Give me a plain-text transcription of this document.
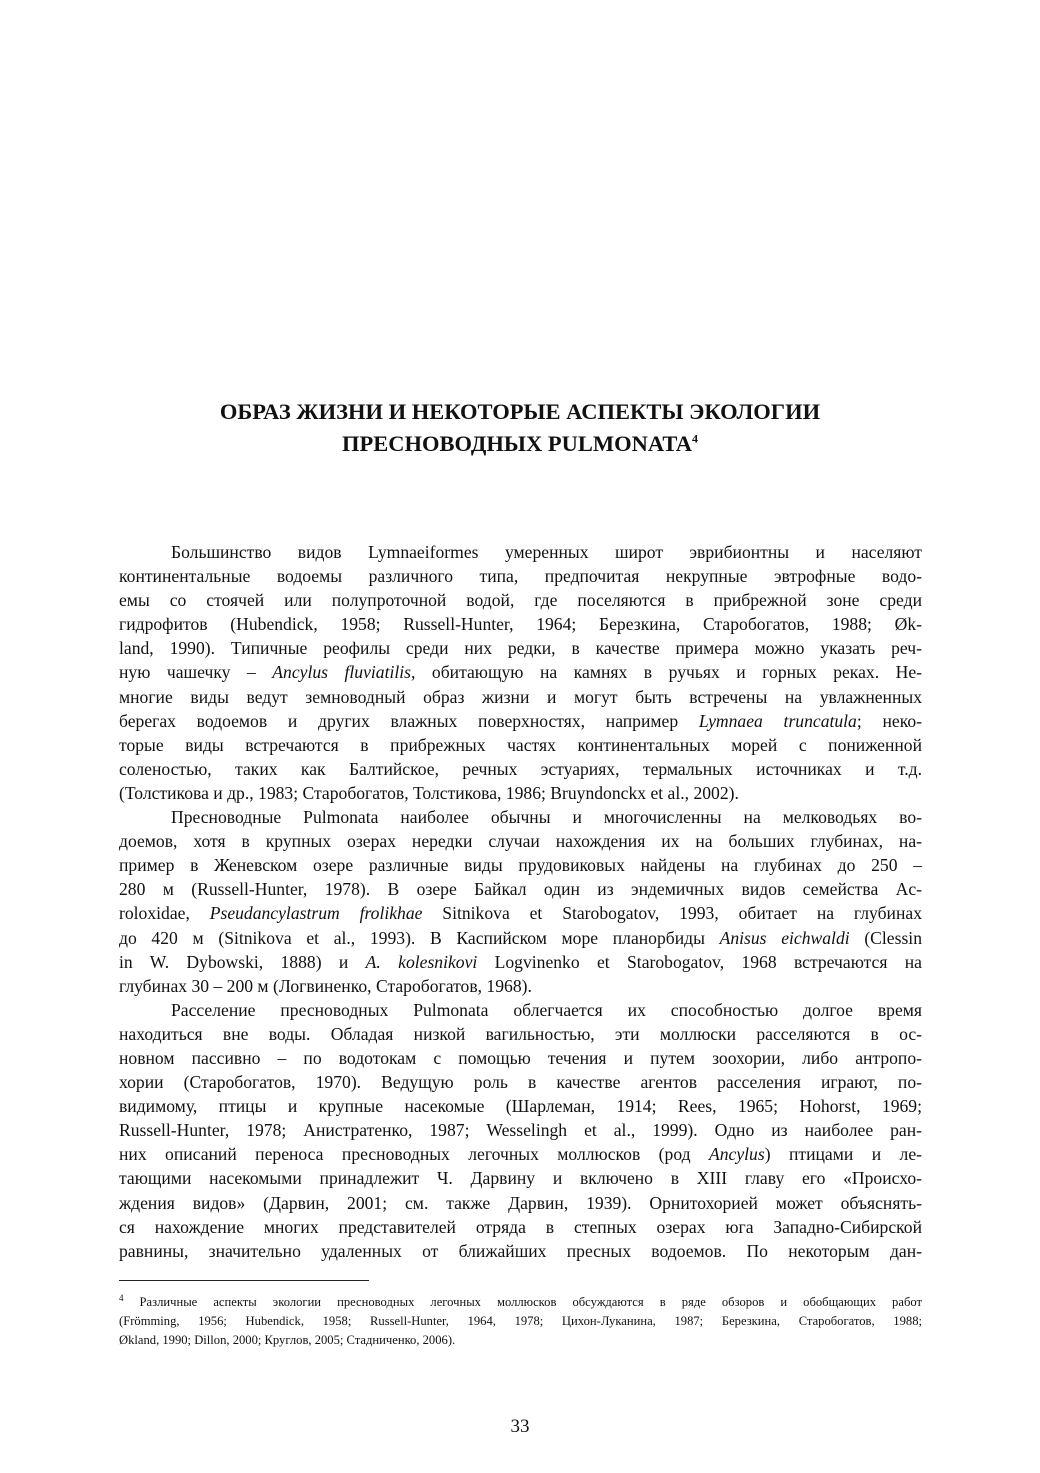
ОБРАЗ ЖИЗНИ И НЕКОТОРЫЕ АСПЕКТЫ ЭКОЛОГИИ
ПРЕСНОВОДНЫХ PULMONATA$^4$
Большинство видов Lymnaeiformes умеренных широт эврибионтны и населяют
континентальные водоемы различного типа, предпочитая некрупные эвтрофные водо-
емы со стоячей или полупроточной водой, где поселяются в прибрежной зоне среди
гидрофитов (Hubendick, 1958; Russell-Hunter, 1964; Березкина, Старобогатов, 1988; Øk-
land, 1990). Типичные реофилы среди них редки, в качестве примера можно указать реч-
ную чашечку – Ancylus fluviatilis, обитающую на камнях в ручьях и горных реках. Не-
многие виды ведут земноводный образ жизни и могут быть встречены на увлажненных
берегах водоемов и других влажных поверхностях, например Lymnaea truncatula; неко-
торые виды встречаются в прибрежных частях континентальных морей с пониженной
соленостью, таких как Балтийское, речных эстуариях, термальных источниках и т.д.
(Толстикова и др., 1983; Старобогатов, Толстикова, 1986; Bruyndonckx et al., 2002).
Пресноводные Pulmonata наиболее обычны и многочисленны на мелководьях во-
доемов, хотя в крупных озерах нередки случаи нахождения их на больших глубинах, на-
пример в Женевском озере различные виды прудовиковых найдены на глубинах до 250 –
280 м (Russell-Hunter, 1978). В озере Байкал один из эндемичных видов семейства Ac-
roloxidae, Pseudancylastrum frolikhae Sitnikova et Starobogatov, 1993, обитает на глубинах
до 420 м (Sitnikova et al., 1993). В Каспийском море планорбиды Anisus eichwaldi (Clessin
in W. Dybowski, 1888) и A. kolesnikovi Logvinenko et Starobogatov, 1968 встречаются на
глубинах 30 – 200 м (Логвиненко, Старобогатов, 1968).
Расселение пресноводных Pulmonata облегчается их способностью долгое время
находиться вне воды. Обладая низкой вагильностью, эти моллюски расселяются в ос-
новном пассивно – по водотокам с помощью течения и путем зоохории, либо антропо-
хории (Старобогатов, 1970). Ведущую роль в качестве агентов расселения играют, по-
видимому, птицы и крупные насекомые (Шарлеман, 1914; Rees, 1965; Hohorst, 1969;
Russell-Hunter, 1978; Анистратенко, 1987; Wesselingh et al., 1999). Одно из наиболее ран-
них описаний переноса пресноводных легочных моллюсков (род Ancylus) птицами и ле-
тающими насекомыми принадлежит Ч. Дарвину и включено в XIII главу его «Происхо-
ждения видов» (Дарвин, 2001; см. также Дарвин, 1939). Орнитохорией может объяснять-
ся нахождение многих представителей отряда в степных озерах юга Западно-Сибирской
равнины, значительно удаленных от ближайших пресных водоемов. По некоторым дан-
$^4$ Различные аспекты экологии пресноводных легочных моллюсков обсуждаются в ряде обзоров и обобщающих работ
(Frömming, 1956; Hubendick, 1958; Russell-Hunter, 1964, 1978; Цихон-Луканина, 1987; Березкина, Старобогатов, 1988;
Økland, 1990; Dillon, 2000; Круглов, 2005; Стадниченко, 2006).
33
